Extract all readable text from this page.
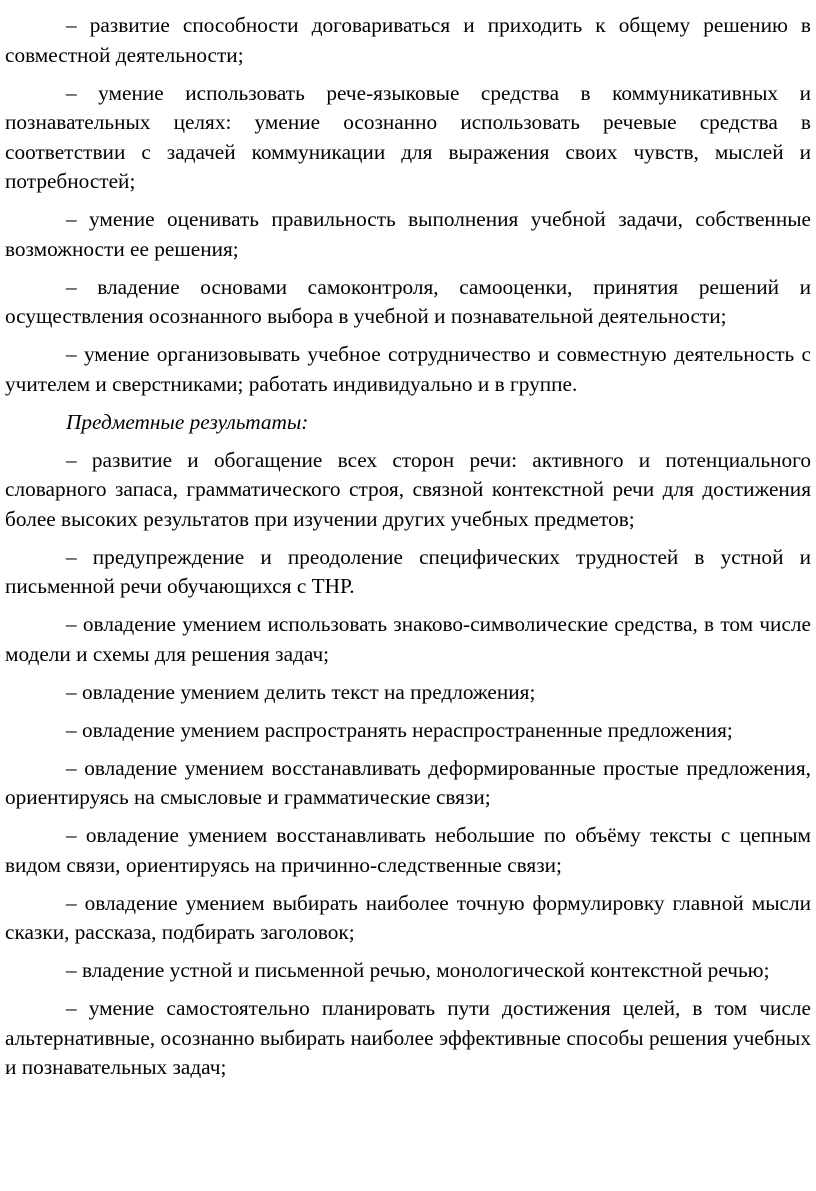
– развитие способности договариваться и приходить к общему решению в совместной деятельности;

– умение использовать рече-языковые средства в коммуникативных и познавательных целях: умение осознанно использовать речевые средства в соответствии с задачей коммуникации для выражения своих чувств, мыслей и потребностей;

– умение оценивать правильность выполнения учебной задачи, собственные возможности ее решения;

– владение основами самоконтроля, самооценки, принятия решений и осуществления осознанного выбора в учебной и познавательной деятельности;

– умение организовывать учебное сотрудничество и совместную деятельность с учителем и сверстниками; работать индивидуально и в группе.

Предметные результаты:

– развитие и обогащение всех сторон речи: активного и потенциального словарного запаса, грамматического строя, связной контекстной речи для достижения более высоких результатов при изучении других учебных предметов;

– предупреждение и преодоление специфических трудностей в устной и письменной речи обучающихся с ТНР.

– овладение умением использовать знаково-символические средства, в том числе модели и схемы для решения задач;

– овладение умением делить текст на предложения;

– овладение умением распространять нераспространенные предложения;

– овладение умением восстанавливать деформированные простые предложения, ориентируясь на смысловые и грамматические связи;

– овладение умением восстанавливать небольшие по объёму тексты с цепным видом связи, ориентируясь на причинно-следственные связи;

– овладение умением выбирать наиболее точную формулировку главной мысли сказки, рассказа, подбирать заголовок;

– владение устной и письменной речью, монологической контекстной речью;

– умение самостоятельно планировать пути достижения целей, в том числе альтернативные, осознанно выбирать наиболее эффективные способы решения учебных и познавательных задач;
